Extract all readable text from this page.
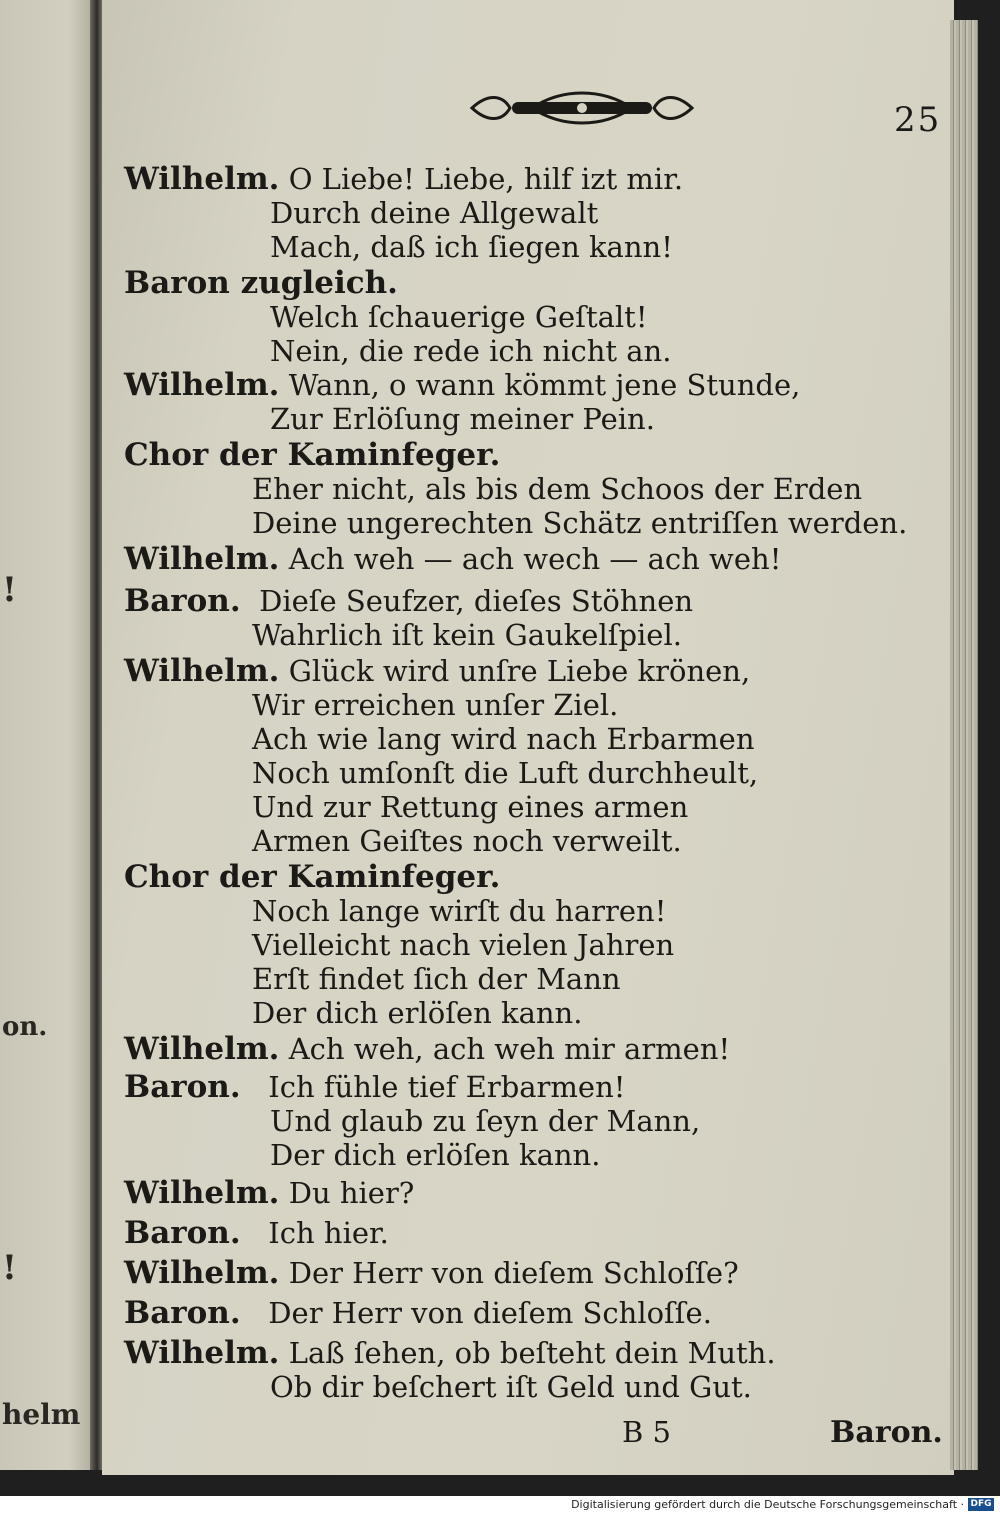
!
on.
!
helm
25
Wilhelm. O Liebe! Liebe, hilf izt mir.
Durch deine Allgewalt
Mach, daß ich ſiegen kann!
Baron zugleich.
Welch ſchauerige Geſtalt!
Nein, die rede ich nicht an.
Wilhelm. Wann, o wann kömmt jene Stunde,
Zur Erlöſung meiner Pein.
Chor der Kaminfeger.
Eher nicht, als bis dem Schoos der Erden
Deine ungerechten Schätz entriſſen werden.
Wilhelm. Ach weh — ach wech — ach weh!
Baron. Dieſe Seufzer, dieſes Stöhnen
Wahrlich iſt kein Gaukelſpiel.
Wilhelm. Glück wird unſre Liebe krönen,
Wir erreichen unſer Ziel.
Ach wie lang wird nach Erbarmen
Noch umſonſt die Luft durchheult,
Und zur Rettung eines armen
Armen Geiſtes noch verweilt.
Chor der Kaminfeger.
Noch lange wirſt du harren!
Vielleicht nach vielen Jahren
Erſt findet ſich der Mann
Der dich erlöſen kann.
Wilhelm. Ach weh, ach weh mir armen!
Baron. Ich fühle tief Erbarmen!
Und glaub zu ſeyn der Mann,
Der dich erlöſen kann.
Wilhelm. Du hier?
Baron. Ich hier.
Wilhelm. Der Herr von dieſem Schloſſe?
Baron. Der Herr von dieſem Schloſſe.
Wilhelm. Laß ſehen, ob beſteht dein Muth.
Ob dir beſchert iſt Geld und Gut.
B 5	Baron.
Digitalisierung gefördert durch die Deutsche Forschungsgemeinschaft · DFG
